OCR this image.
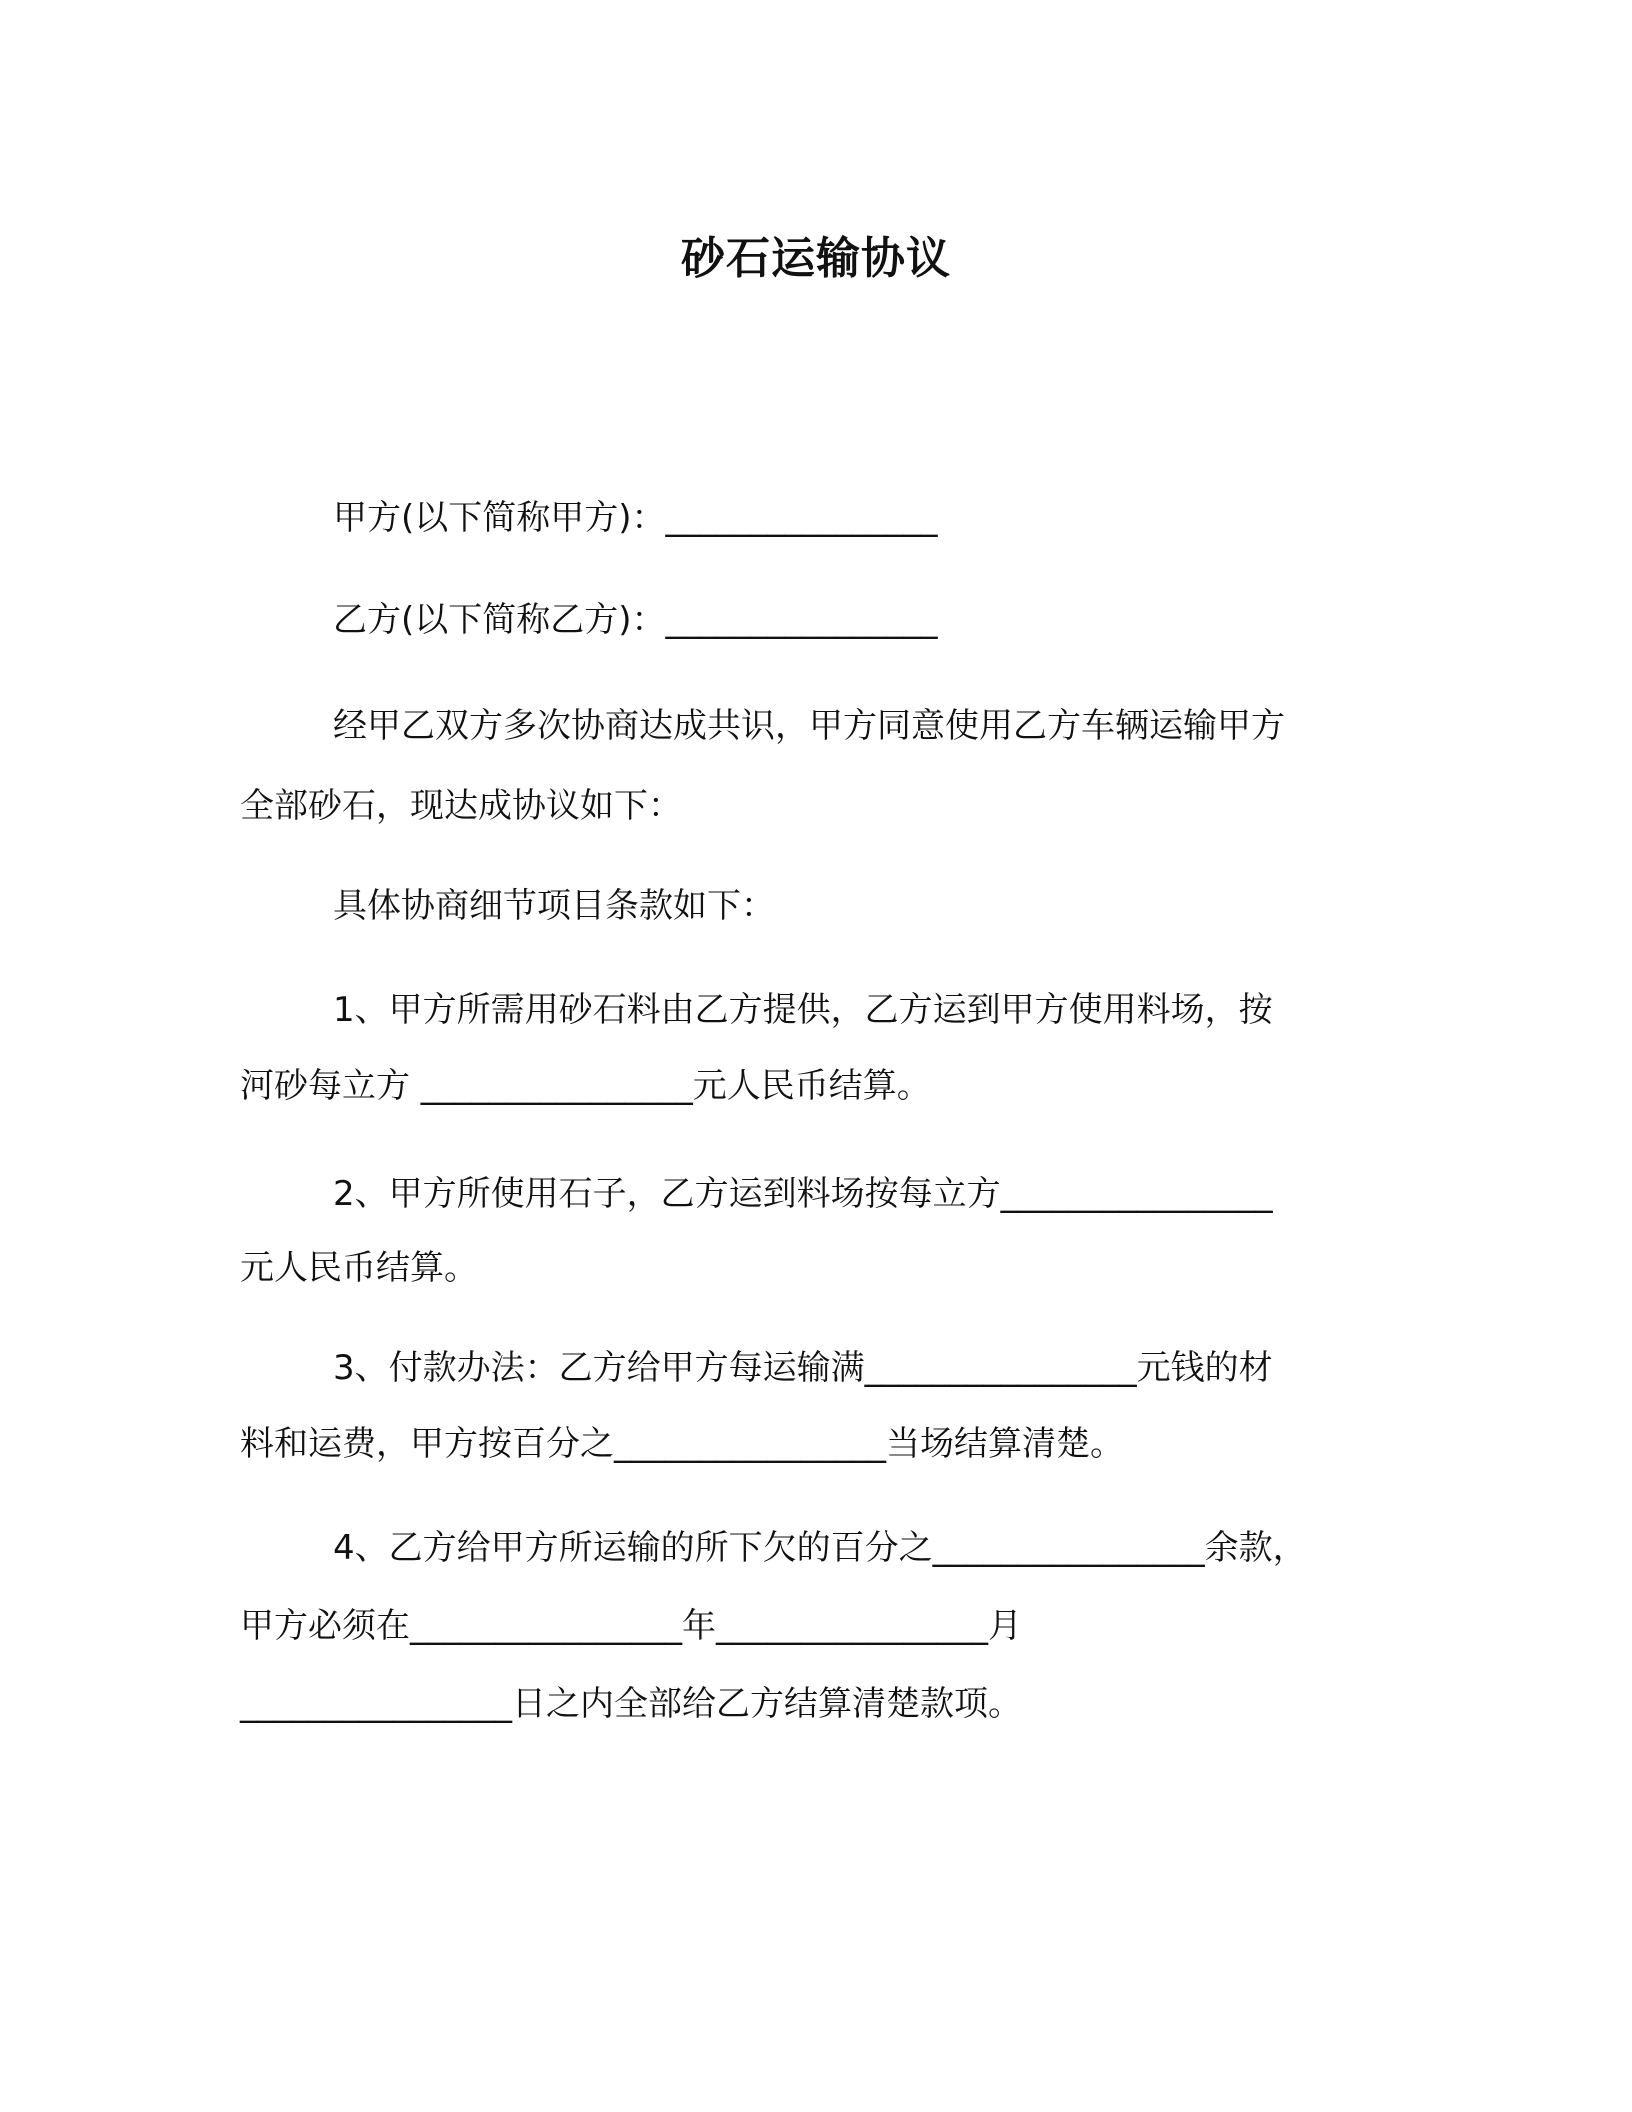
砂石运输协议
甲方(以下简称甲方)：________________
乙方(以下简称乙方)：________________
经甲乙双方多次协商达成共识，甲方同意使用乙方车辆运输甲方
全部砂石，现达成协议如下：
具体协商细节项目条款如下：
1、甲方所需用砂石料由乙方提供，乙方运到甲方使用料场，按
河砂每立方 ________________元人民币结算。
2、甲方所使用石子，乙方运到料场按每立方________________
元人民币结算。
3、付款办法：乙方给甲方每运输满________________元钱的材
料和运费，甲方按百分之________________当场结算清楚。
4、乙方给甲方所运输的所下欠的百分之________________余款，
甲方必须在________________年________________月
________________日之内全部给乙方结算清楚款项。
